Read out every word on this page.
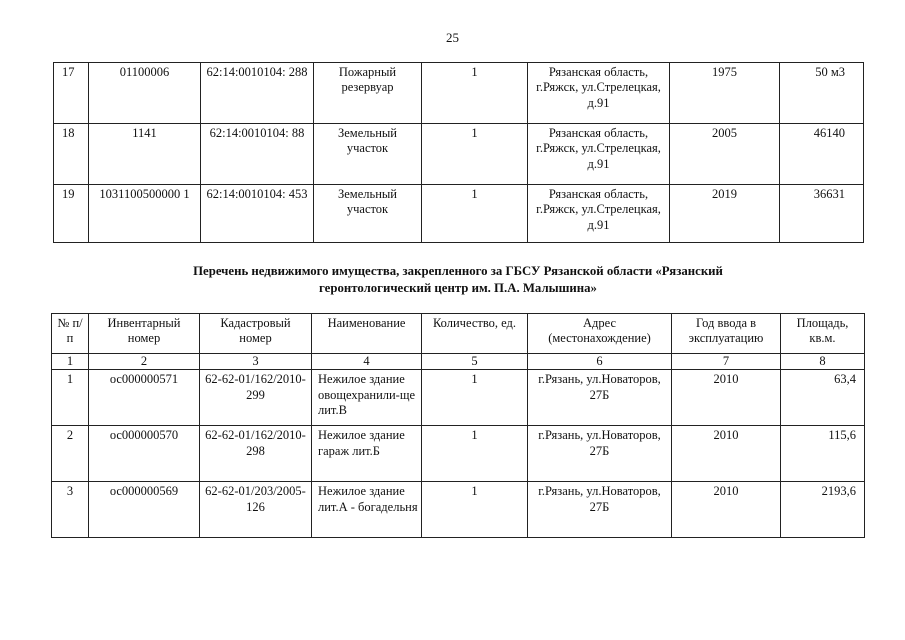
25
17	01100006	62:14:0010104: 288	Пожарный резервуар	1	Рязанская область, г.Ряжск, ул.Стрелецкая, д.91	1975	50 м3
18	1141	62:14:0010104: 88	Земельный участок	1	Рязанская область, г.Ряжск, ул.Стрелецкая, д.91	2005	46140
19	1031100500000 1	62:14:0010104: 453	Земельный участок	1	Рязанская область, г.Ряжск, ул.Стрелецкая, д.91	2019	36631
Перечень недвижимого имущества, закрепленного за ГБСУ Рязанской области «Рязанский
геронтологический центр им. П.А. Малышина»
№ п/п	Инвентарный номер	Кадастровый номер	Наименование	Количество, ед.	Адрес (местонахождение)	Год ввода в эксплуатацию	Площадь, кв.м.
1	2	3	4	5	6	7	8
1	ос000000571	62-62-01/162/2010-299	Нежилое здание овощехранили-ще лит.В	1	г.Рязань, ул.Новаторов, 27Б	2010	63,4
2	ос000000570	62-62-01/162/2010-298	Нежилое здание гараж лит.Б	1	г.Рязань, ул.Новаторов, 27Б	2010	115,6
3	ос000000569	62-62-01/203/2005-126	Нежилое здание лит.А - богадельня	1	г.Рязань, ул.Новаторов, 27Б	2010	2193,6
